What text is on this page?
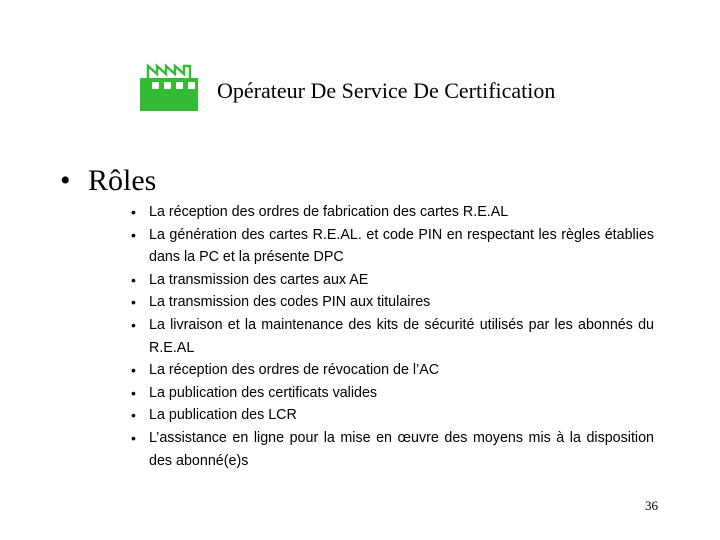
Opérateur De Service De Certification
• Rôles
• La réception des ordres de fabrication des cartes R.E.AL
• La génération des cartes R.E.AL. et code PIN en respectant les règles établies dans la PC et la présente DPC
• La transmission des cartes aux AE
• La transmission des codes PIN aux titulaires
• La livraison et la maintenance des kits de sécurité utilisés par les abonnés du R.E.AL
• La réception des ordres de révocation de l’AC
• La publication des certificats valides
• La publication des LCR
• L’assistance en ligne pour la mise en œuvre des moyens mis à la disposition des abonné(e)s
36
